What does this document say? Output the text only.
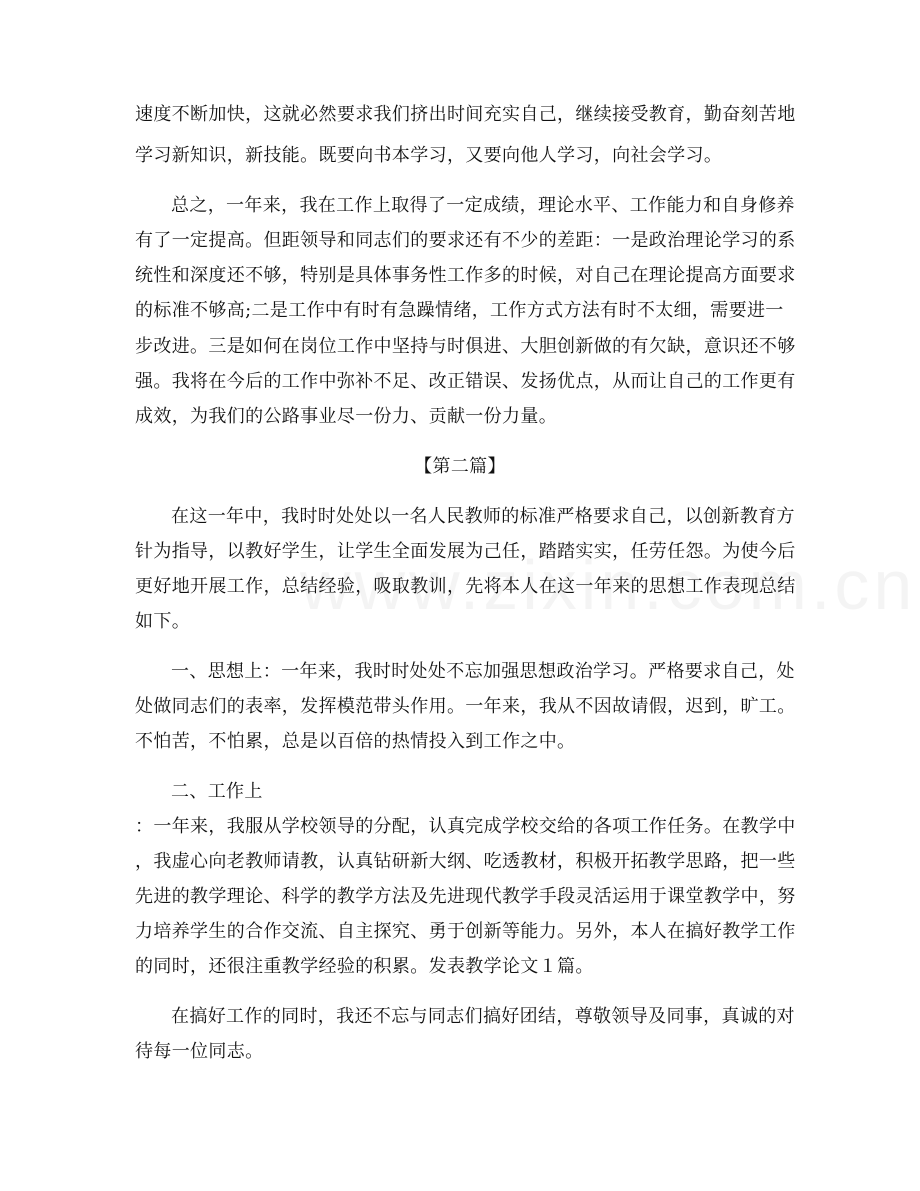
速度不断加快，这就必然要求我们挤出时间充实自己，继续接受教育，勤奋刻苦地
学习新知识，新技能。既要向书本学习，又要向他人学习，向社会学习。
总之，一年来，我在工作上取得了一定成绩，理论水平、工作能力和自身修养
有了一定提高。但距领导和同志们的要求还有不少的差距：一是政治理论学习的系
统性和深度还不够，特别是具体事务性工作多的时候，对自己在理论提高方面要求
的标准不够高;二是工作中有时有急躁情绪，工作方式方法有时不太细，需要进一
步改进。三是如何在岗位工作中坚持与时俱进、大胆创新做的有欠缺，意识还不够
强。我将在今后的工作中弥补不足、改正错误、发扬优点，从而让自己的工作更有
成效，为我们的公路事业尽一份力、贡献一份力量。
【第二篇】
在这一年中，我时时处处以一名人民教师的标准严格要求自己，以创新教育方
针为指导，以教好学生，让学生全面发展为己任，踏踏实实，任劳任怨。为使今后
更好地开展工作，总结经验，吸取教训，先将本人在这一年来的思想工作表现总结
如下。
一、思想上：一年来，我时时处处不忘加强思想政治学习。严格要求自己，处
处做同志们的表率，发挥模范带头作用。一年来，我从不因故请假，迟到，旷工。
不怕苦，不怕累，总是以百倍的热情投入到工作之中。
二、工作上
：一年来，我服从学校领导的分配，认真完成学校交给的各项工作任务。在教学中
，我虚心向老教师请教，认真钻研新大纲、吃透教材，积极开拓教学思路，把一些
先进的教学理论、科学的教学方法及先进现代教学手段灵活运用于课堂教学中，努
力培养学生的合作交流、自主探究、勇于创新等能力。另外，本人在搞好教学工作
的同时，还很注重教学经验的积累。发表教学论文１篇。
在搞好工作的同时，我还不忘与同志们搞好团结，尊敬领导及同事，真诚的对
待每一位同志。
